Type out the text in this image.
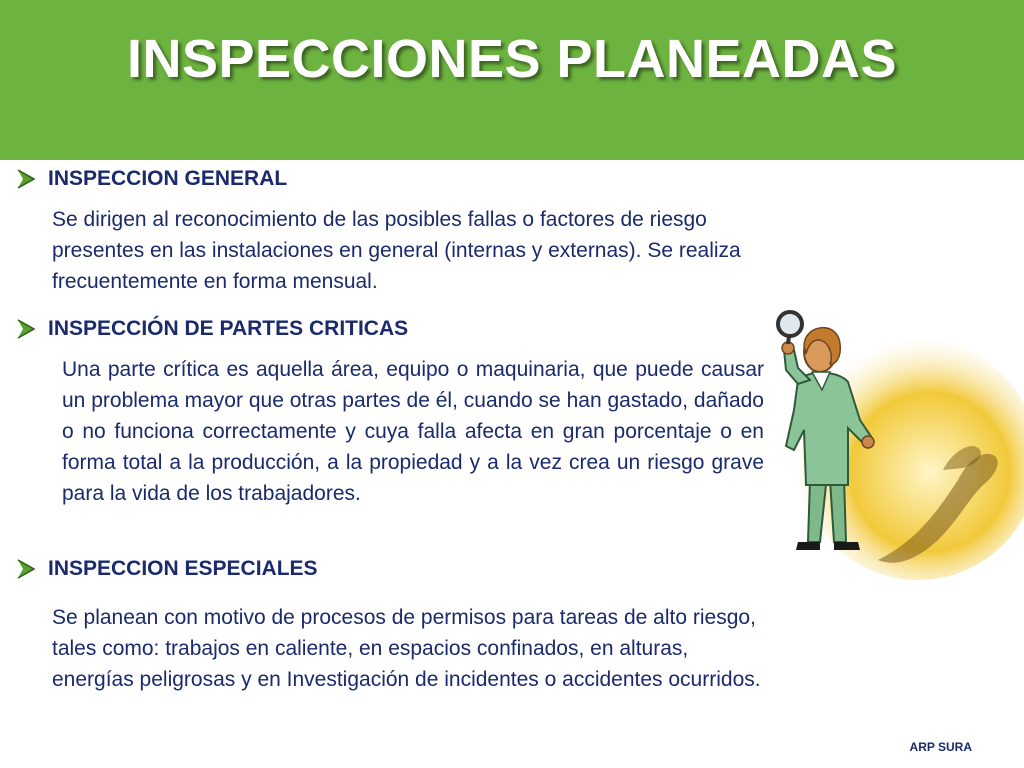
INSPECCIONES PLANEADAS
INSPECCION GENERAL
Se dirigen al reconocimiento de las posibles fallas o factores de riesgo presentes en las instalaciones en general (internas y externas). Se realiza frecuentemente en forma mensual.
INSPECCIÓN DE PARTES CRITICAS
Una parte crítica es aquella área, equipo o maquinaria, que puede causar un problema mayor que otras partes de él, cuando se han gastado, dañado o no funciona correctamente y cuya falla afecta en gran porcentaje o en forma total a la producción, a la propiedad y a la vez crea un riesgo grave para la vida de los trabajadores.
INSPECCION ESPECIALES
Se planean con motivo de procesos de permisos para tareas de alto riesgo, tales como: trabajos en caliente, en espacios confinados, en alturas, energías peligrosas y en Investigación de incidentes o accidentes ocurridos.
ARP SURA
